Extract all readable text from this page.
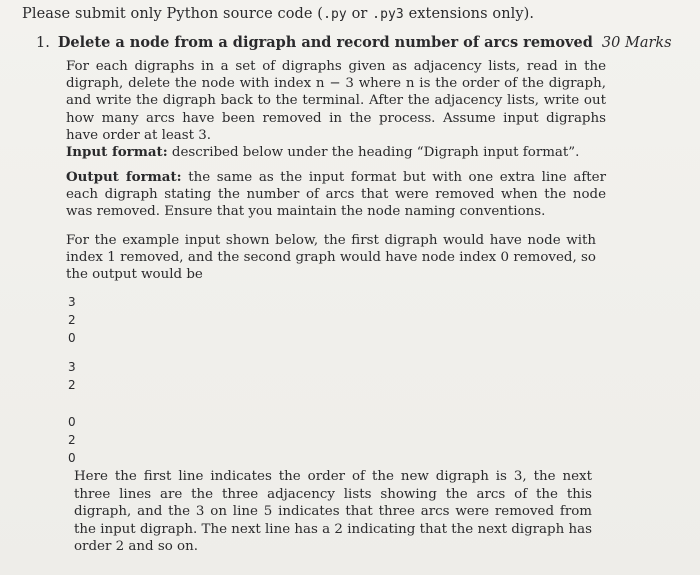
Please submit only Python source code (.py or .py3 extensions only).
1. Delete a node from a digraph and record number of arcs removed 30 Marks

For each digraphs in a set of digraphs given as adjacency lists, read in the digraph, delete the node with index n − 3 where n is the order of the digraph, and write the digraph back to the terminal. After the adjacency lists, write out how many arcs have been removed in the process. Assume input digraphs have order at least 3.

Input format: described below under the heading “Digraph input format”.

Output format: the same as the input format but with one extra line after each digraph stating the number of arcs that were removed when the node was removed. Ensure that you maintain the node naming conventions.

For the example input shown below, the first digraph would have node with index 1 removed, and the second graph would have node index 0 removed, so the output would be

3
2
0
3
2
0
2
0

Here the first line indicates the order of the new digraph is 3, the next three lines are the three adjacency lists showing the arcs of the this digraph, and the 3 on line 5 indicates that three arcs were removed from the input digraph. The next line has a 2 indicating that the next digraph has order 2 and so on.
